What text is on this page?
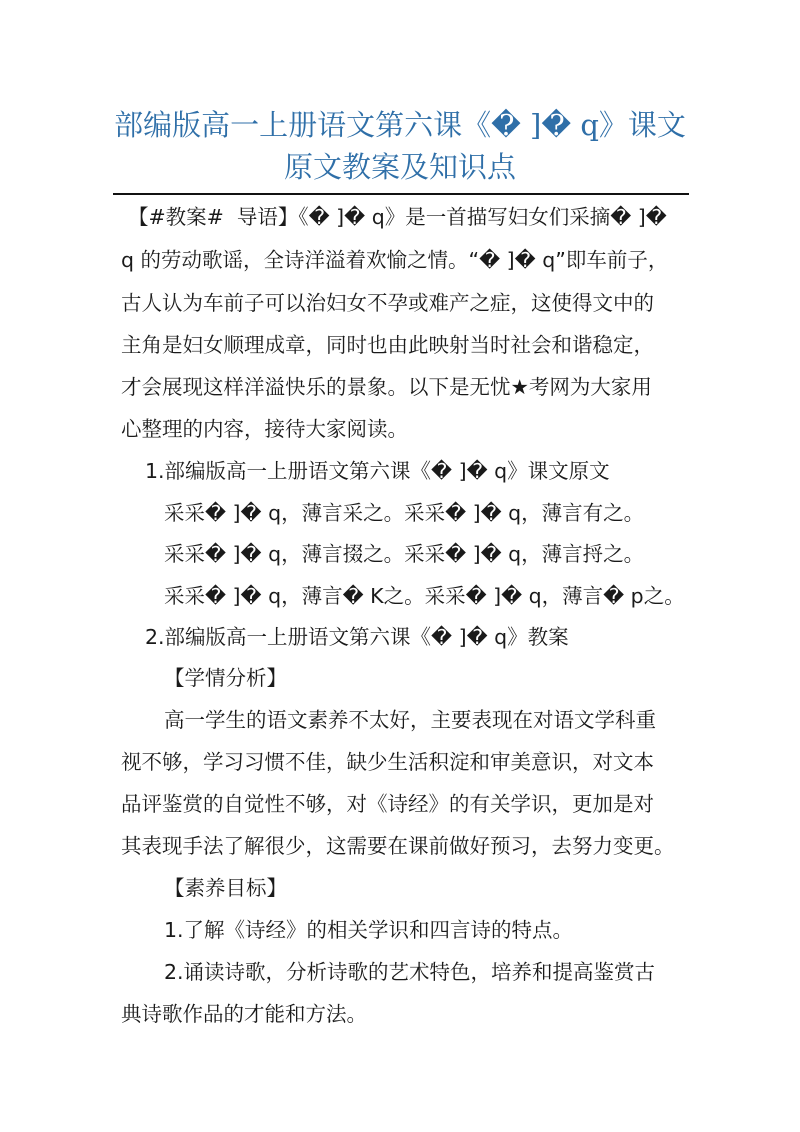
部编版高一上册语文第六课《� ]� q》课文
原文教案及知识点
【#教案#  导语】《� ]� q》是一首描写妇女们采摘� ]�
q 的劳动歌谣，全诗洋溢着欢愉之情。“� ]� q”即车前子，
古人认为车前子可以治妇女不孕或难产之症，这使得文中的
主角是妇女顺理成章，同时也由此映射当时社会和谐稳定，
才会展现这样洋溢快乐的景象。以下是无忧★考网为大家用
心整理的内容，接待大家阅读。
1.部编版高一上册语文第六课《� ]� q》课文原文
采采� ]� q，薄言采之。采采� ]� q，薄言有之。
采采� ]� q，薄言掇之。采采� ]� q，薄言捋之。
采采� ]� q，薄言� K之。采采� ]� q，薄言� p之。
2.部编版高一上册语文第六课《� ]� q》教案
【学情分析】
高一学生的语文素养不太好，主要表现在对语文学科重
视不够，学习习惯不佳，缺少生活积淀和审美意识，对文本
品评鉴赏的自觉性不够，对《诗经》的有关学识，更加是对
其表现手法了解很少，这需要在课前做好预习，去努力变更。
【素养目标】
1.了解《诗经》的相关学识和四言诗的特点。
2.诵读诗歌，分析诗歌的艺术特色，培养和提高鉴赏古
典诗歌作品的才能和方法。
